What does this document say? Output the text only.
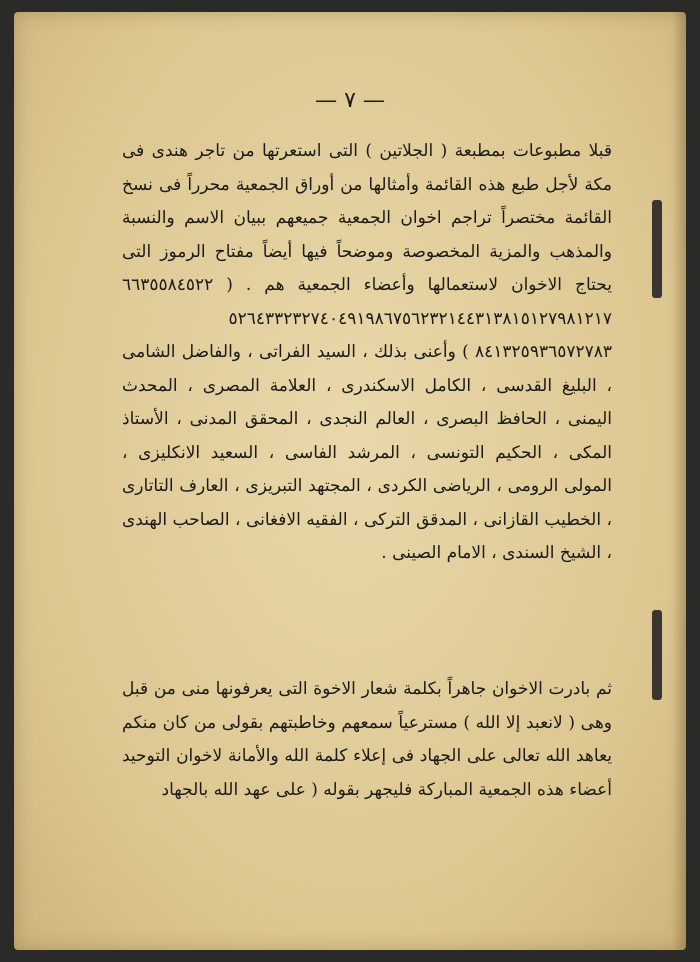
— ٧ —
قبلا مطبوعات بمطبعة ( الجلاتين ) التى استعرتها من تاجر هندى فى مكة لأجل طبع هذه القائمة وأمثالها من أوراق الجمعية محرراً فى نسخ القائمة مختصراً تراجم اخوان الجمعية جميعهم ببيان الاسم والنسبة والمذهب والمزية المخصوصة وموضحاً فيها أيضاً مفتاح الرموز التى يحتاج الاخوان لاستعمالها وأعضاء الجمعية هم . ( ٦٦٣٥٥٨٤٥٢٢ ٥٢٦٤٣٣٢٣٢٧٤٠٤٩١٩٨٦٧٥٦٢٣٢١٤٤٣١٣٨١٥١٢٧٩٨١٢١٧ ٨٤١٣٢٥٩٣٦٥٧٢٧٨٣ ) وأعنى بذلك ، السيد الفراتى ، والفاضل الشامى ، البليغ القدسى ، الكامل الاسكندرى ، العلامة المصرى ، المحدث اليمنى ، الحافظ البصرى ، العالم النجدى ، المحقق المدنى ، الأستاذ المكى ، الحكيم التونسى ، المرشد الفاسى ، السعيد الانكليزى ، المولى الرومى ، الرياضى الكردى ، المجتهد التبريزى ، العارف التاتارى ، الخطيب القازانى ، المدقق التركى ، الفقيه الافغانى ، الصاحب الهندى ، الشيخ السندى ، الامام الصينى .
ثم بادرت الاخوان جاهراً بكلمة شعار الاخوة التى يعرفونها منى من قبل وهى ( لانعبد إلا الله ) مسترعياً سمعهم وخاطبتهم بقولى من كان منكم يعاهد الله تعالى على الجهاد فى إعلاء كلمة الله والأمانة لاخوان التوحيد أعضاء هذه الجمعية المباركة فليجهر بقوله ( على عهد الله بالجهاد
